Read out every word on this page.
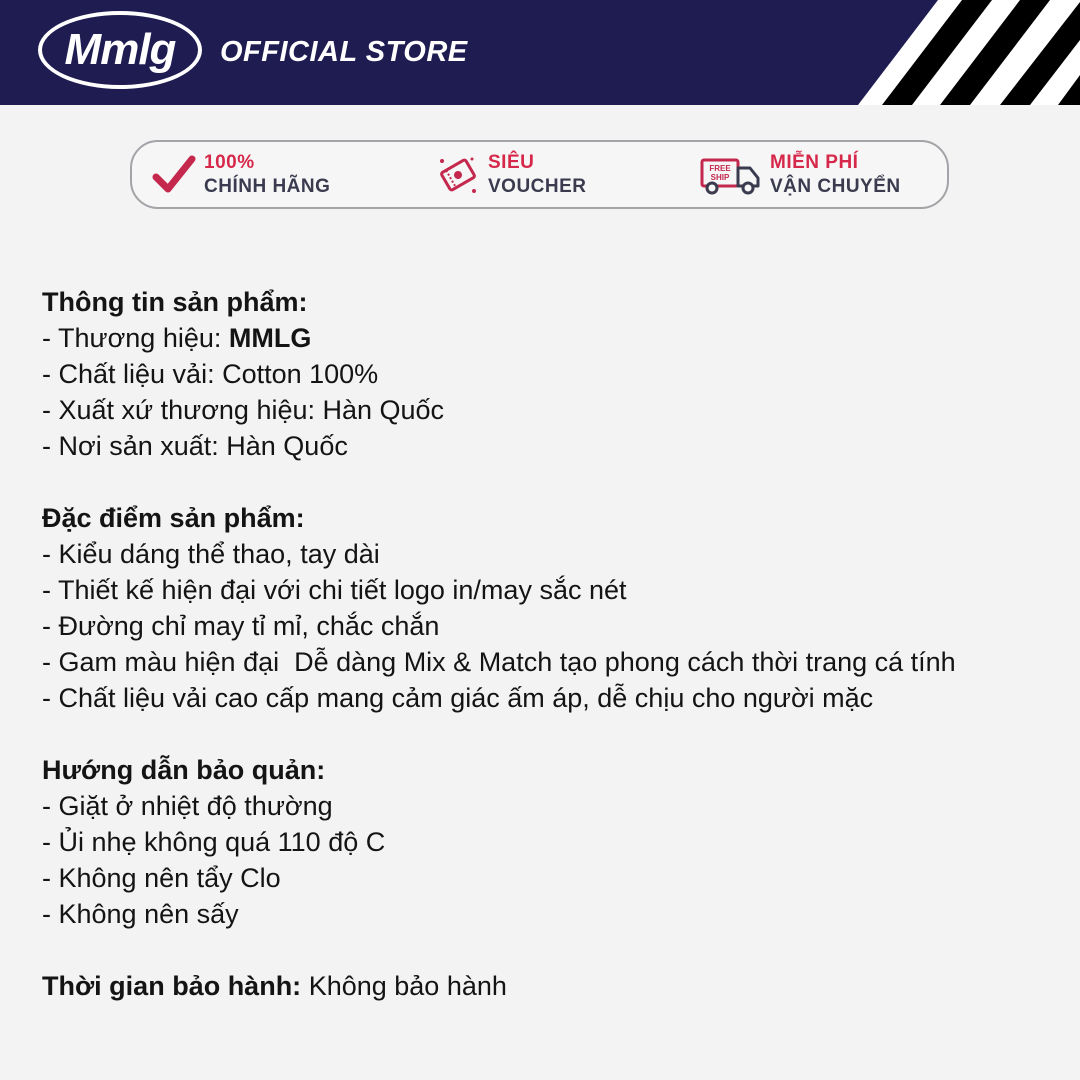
Mmlg OFFICIAL STORE
100%
CHÍNH HÃNG
SIÊU
VOUCHER
FREE
SHIP
MIỄN PHÍ
VẬN CHUYỂN
Thông tin sản phẩm:
- Thương hiệu: MMLG
- Chất liệu vải: Cotton 100%
- Xuất xứ thương hiệu: Hàn Quốc
- Nơi sản xuất: Hàn Quốc
Đặc điểm sản phẩm:
- Kiểu dáng thể thao, tay dài
- Thiết kế hiện đại với chi tiết logo in/may sắc nét
- Đường chỉ may tỉ mỉ, chắc chắn
- Gam màu hiện đại  Dễ dàng Mix & Match tạo phong cách thời trang cá tính
- Chất liệu vải cao cấp mang cảm giác ấm áp, dễ chịu cho người mặc
Hướng dẫn bảo quản:
- Giặt ở nhiệt độ thường
- Ủi nhẹ không quá 110 độ C
- Không nên tẩy Clo
- Không nên sấy
Thời gian bảo hành: Không bảo hành
